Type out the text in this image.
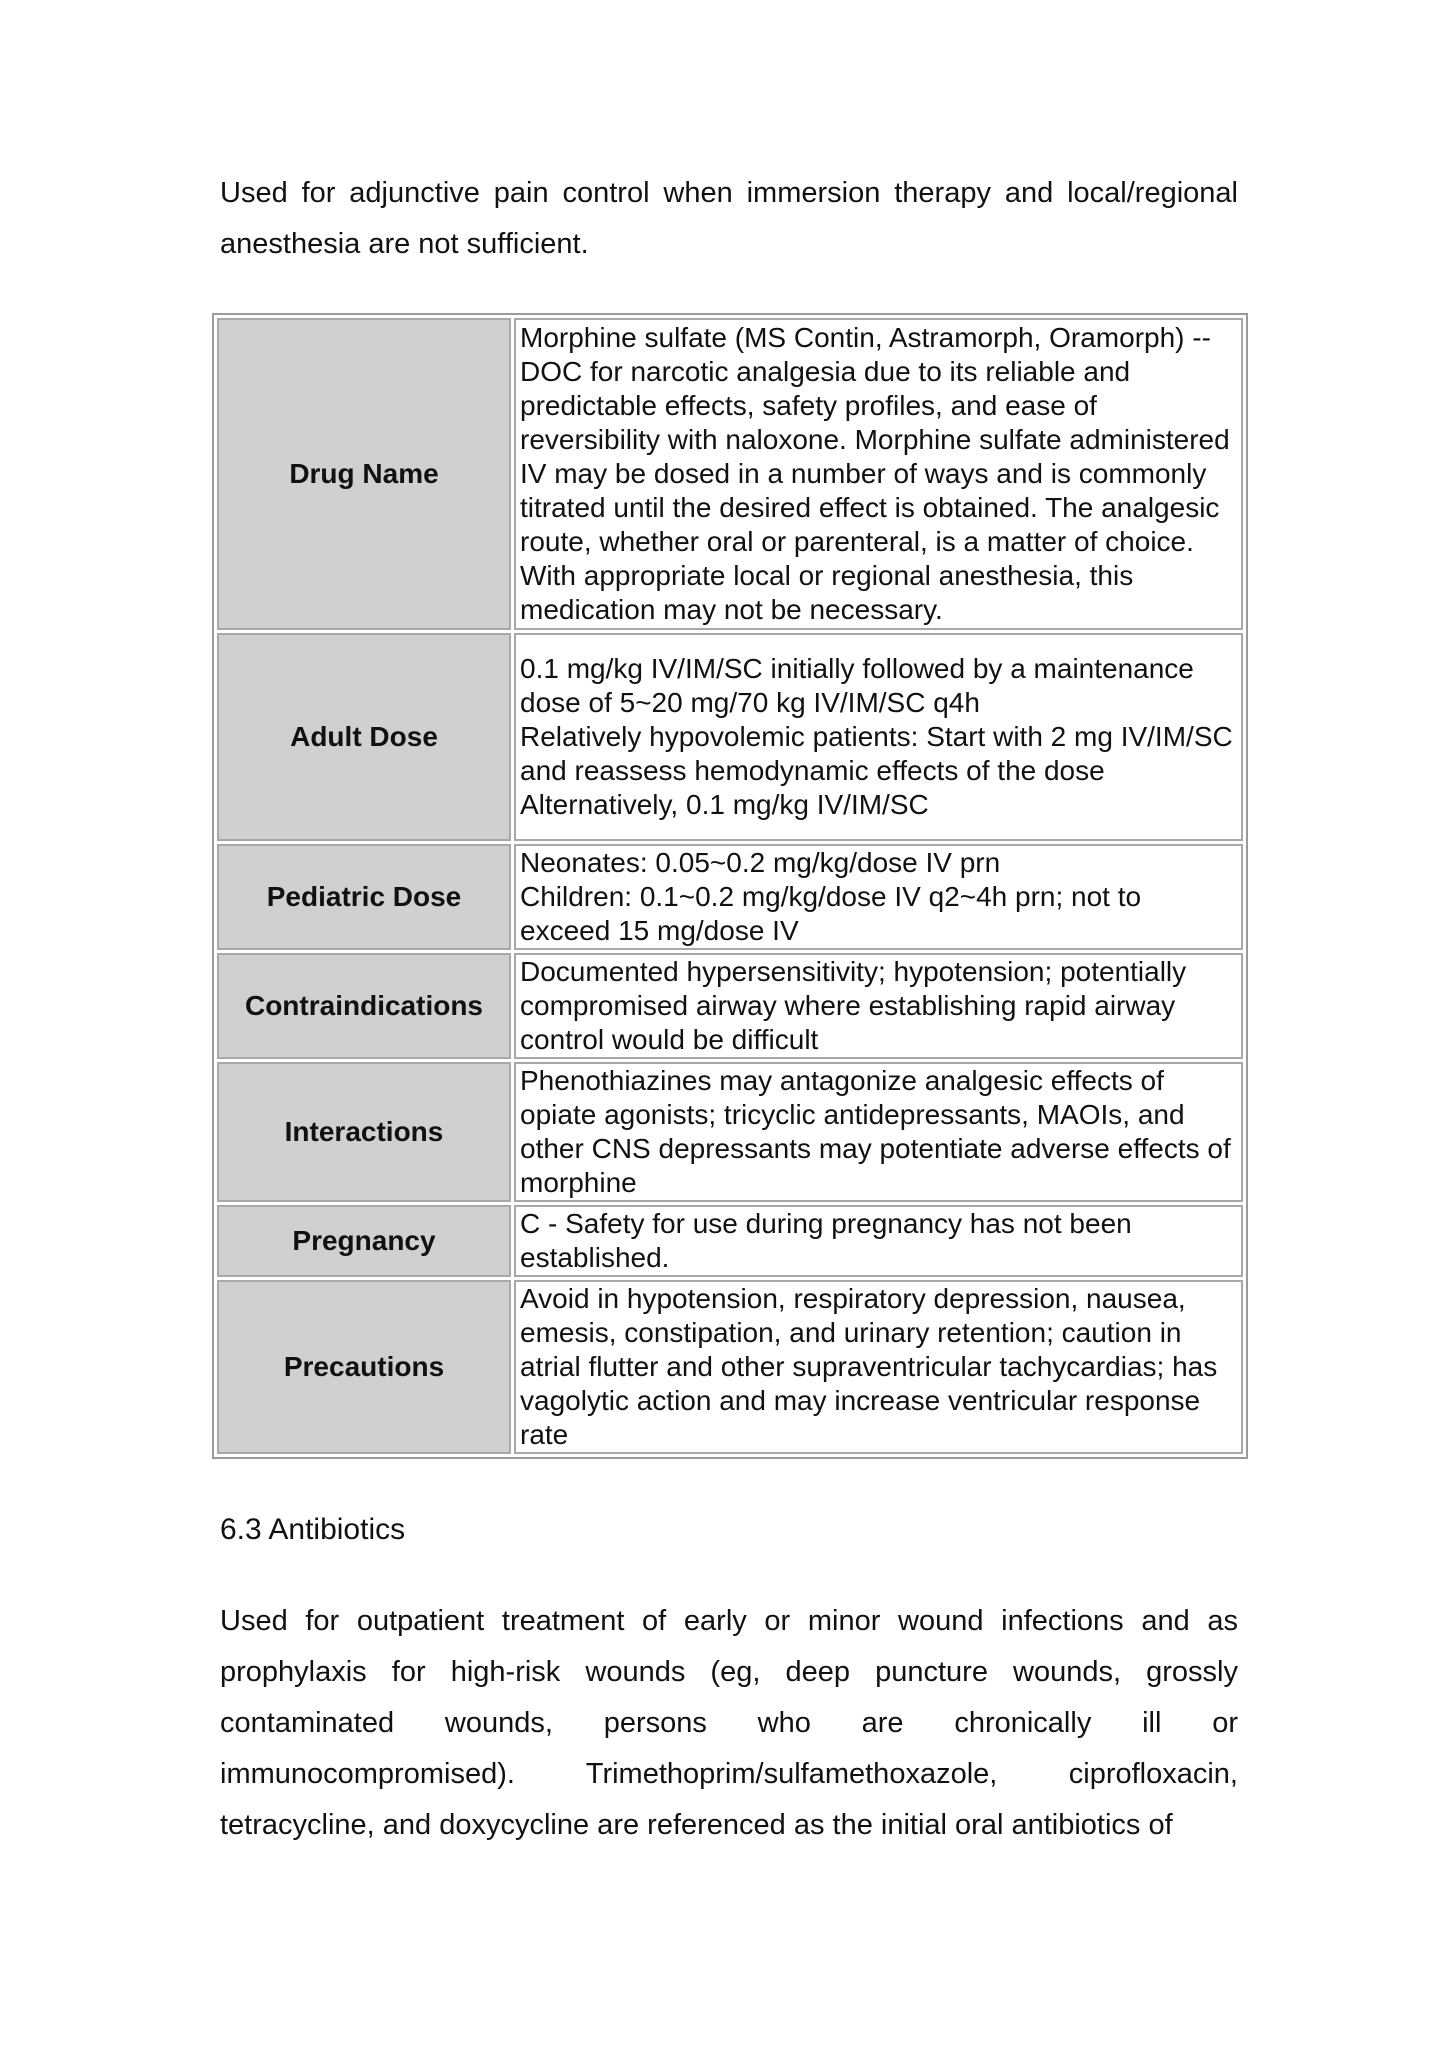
Used for adjunctive pain control when immersion therapy and local/regional anesthesia are not sufficient.

Drug Name	Morphine sulfate (MS Contin, Astramorph, Oramorph) -- DOC for narcotic analgesia due to its reliable and predictable effects, safety profiles, and ease of reversibility with naloxone. Morphine sulfate administered IV may be dosed in a number of ways and is commonly titrated until the desired effect is obtained. The analgesic route, whether oral or parenteral, is a matter of choice. With appropriate local or regional anesthesia, this medication may not be necessary.
Adult Dose	0.1 mg/kg IV/IM/SC initially followed by a maintenance dose of 5~20 mg/70 kg IV/IM/SC q4h
Relatively hypovolemic patients: Start with 2 mg IV/IM/SC and reassess hemodynamic effects of the dose
Alternatively, 0.1 mg/kg IV/IM/SC

Pediatric Dose	Neonates: 0.05~0.2 mg/kg/dose IV prn
Children: 0.1~0.2 mg/kg/dose IV q2~4h prn; not to exceed 15 mg/dose IV

Contraindications	Documented hypersensitivity; hypotension; potentially compromised airway where establishing rapid airway control would be difficult
Interactions	Phenothiazines may antagonize analgesic effects of opiate agonists; tricyclic antidepressants, MAOIs, and other CNS depressants may potentiate adverse effects of morphine
Pregnancy	C - Safety for use during pregnancy has not been established.
Precautions	Avoid in hypotension, respiratory depression, nausea, emesis, constipation, and urinary retention; caution in atrial flutter and other supraventricular tachycardias; has vagolytic action and may increase ventricular response rate
6.3 Antibiotics

Used for outpatient treatment of early or minor wound infections and as prophylaxis for high-risk wounds (eg, deep puncture wounds, grossly contaminated wounds, persons who are chronically ill or immunocompromised). Trimethoprim/sulfamethoxazole, ciprofloxacin, tetracycline, and doxycycline are referenced as the initial oral antibiotics of
